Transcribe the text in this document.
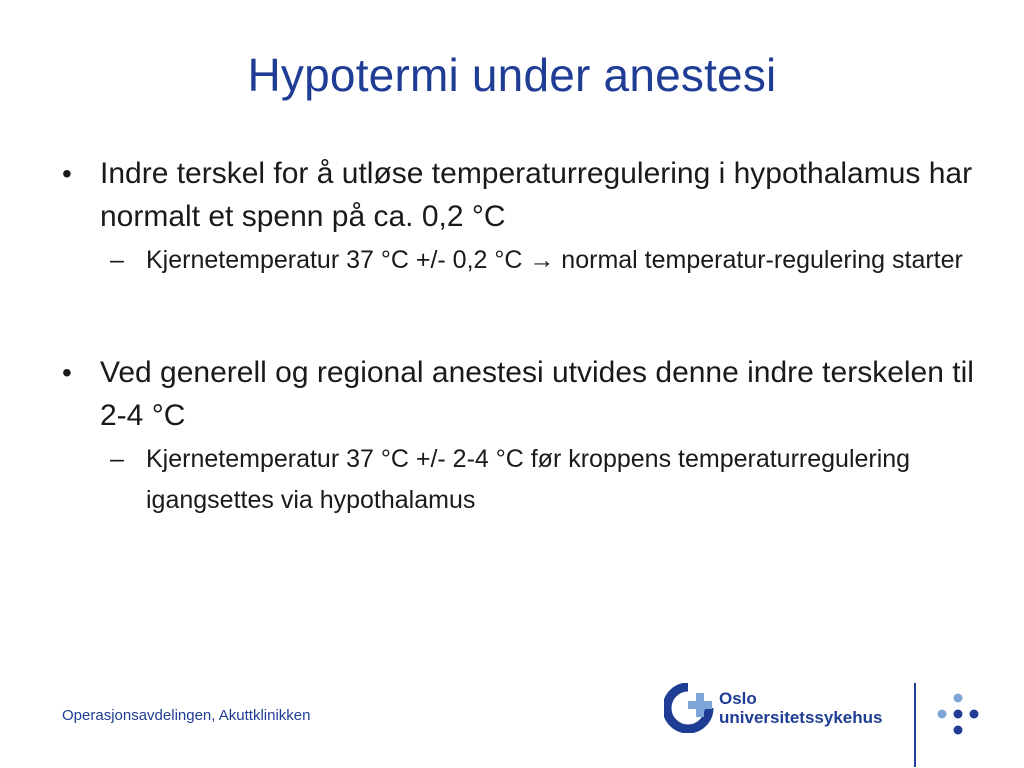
Hypotermi under anestesi
• Indre terskel for å utløse temperaturregulering i hypothalamus har normalt et spenn på ca. 0,2 °C
– Kjernetemperatur 37 °C +/- 0,2 °C → normal temperatur-regulering starter
• Ved generell og regional anestesi utvides denne indre terskelen til 2-4 °C
– Kjernetemperatur 37 °C +/- 2-4 °C før kroppens temperaturregulering igangsettes via hypothalamus
Operasjonsavdelingen, Akuttklinikken
Oslo
universitetssykehus
